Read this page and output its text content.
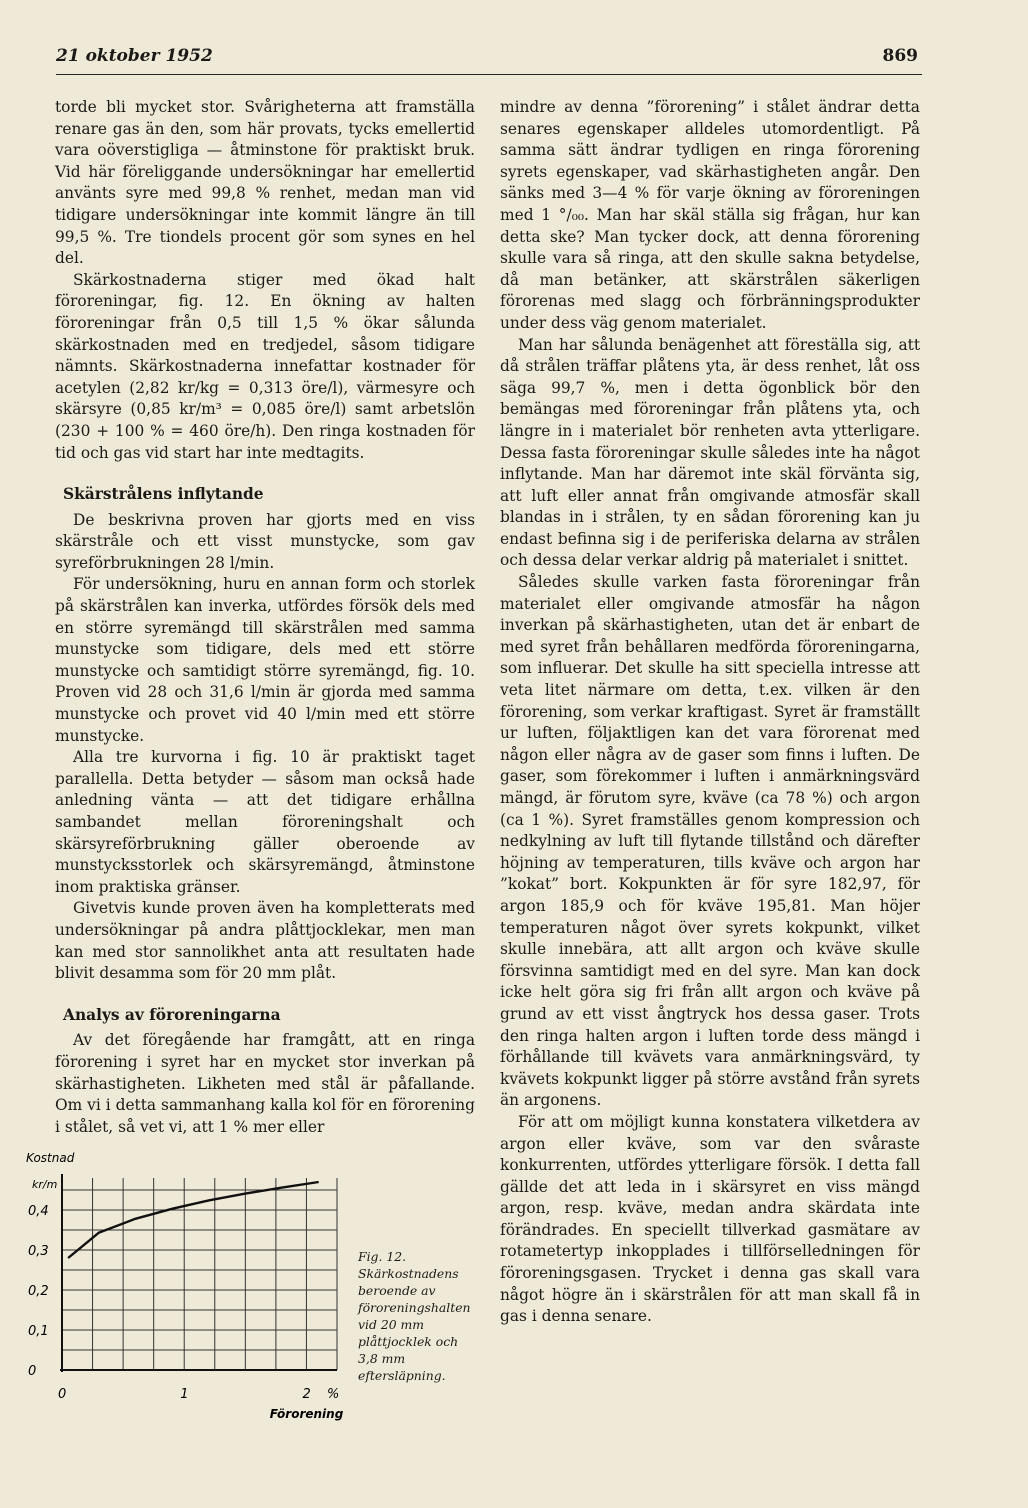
21 oktober 1952	869

torde bli mycket stor. Svårigheterna att framställa renare gas än den, som här provats, tycks emellertid vara oöverstigliga — åtminstone för praktiskt bruk. Vid här föreliggande undersökningar har emellertid använts syre med 99,8 % renhet, medan man vid tidigare undersökningar inte kommit längre än till 99,5 %. Tre tiondels procent gör som synes en hel del.

Skärkostnaderna stiger med ökad halt föroreningar, fig. 12. En ökning av halten föroreningar från 0,5 till 1,5 % ökar sålunda skärkostnaden med en tredjedel, såsom tidigare nämnts. Skärkostnaderna innefattar kostnader för acetylen (2,82 kr/kg = 0,313 öre/l), värmesyre och skärsyre (0,85 kr/m³ = 0,085 öre/l) samt arbetslön (230 + 100 % = 460 öre/h). Den ringa kostnaden för tid och gas vid start har inte medtagits.

Skärstrålens inflytande

De beskrivna proven har gjorts med en viss skärstråle och ett visst munstycke, som gav syreförbrukningen 28 l/min.

För undersökning, huru en annan form och storlek på skärstrålen kan inverka, utfördes försök dels med en större syremängd till skärstrålen med samma munstycke som tidigare, dels med ett större munstycke och samtidigt större syremängd, fig. 10. Proven vid 28 och 31,6 l/min är gjorda med samma munstycke och provet vid 40 l/min med ett större munstycke.

Alla tre kurvorna i fig. 10 är praktiskt taget parallella. Detta betyder — såsom man också hade anledning vänta — att det tidigare erhållna sambandet mellan föroreningshalt och skärsyreförbrukning gäller oberoende av munstycksstorlek och skärsyremängd, åtminstone inom praktiska gränser.

Givetvis kunde proven även ha kompletterats med undersökningar på andra plåttjocklekar, men man kan med stor sannolikhet anta att resultaten hade blivit desamma som för 20 mm plåt.

Analys av föroreningarna

Av det föregående har framgått, att en ringa förorening i syret har en mycket stor inverkan på skärhastigheten. Likheten med stål är påfallande. Om vi i detta sammanhang kalla kol för en förorening i stålet, så vet vi, att 1 % mer eller

mindre av denna ”förorening” i stålet ändrar detta senares egenskaper alldeles utomordentligt. På samma sätt ändrar tydligen en ringa förorening syrets egenskaper, vad skärhastigheten angår. Den sänks med 3—4 % för varje ökning av föroreningen med 1 °/₀₀. Man har skäl ställa sig frågan, hur kan detta ske? Man tycker dock, att denna förorening skulle vara så ringa, att den skulle sakna betydelse, då man betänker, att skärstrålen säkerligen förorenas med slagg och förbränningsprodukter under dess väg genom materialet.

Man har sålunda benägenhet att föreställa sig, att då strålen träffar plåtens yta, är dess renhet, låt oss säga 99,7 %, men i detta ögonblick bör den bemängas med föroreningar från plåtens yta, och längre in i materialet bör renheten avta ytterligare. Dessa fasta föroreningar skulle således inte ha något inflytande. Man har däremot inte skäl förvänta sig, att luft eller annat från omgivande atmosfär skall blandas in i strålen, ty en sådan förorening kan ju endast befinna sig i de periferiska delarna av strålen och dessa delar verkar aldrig på materialet i snittet.

Således skulle varken fasta föroreningar från materialet eller omgivande atmosfär ha någon inverkan på skärhastigheten, utan det är enbart de med syret från behållaren medförda föroreningarna, som influerar. Det skulle ha sitt speciella intresse att veta litet närmare om detta, t.ex. vilken är den förorening, som verkar kraftigast. Syret är framställt ur luften, följaktligen kan det vara förorenat med någon eller några av de gaser som finns i luften. De gaser, som förekommer i luften i anmärkningsvärd mängd, är förutom syre, kväve (ca 78 %) och argon (ca 1 %). Syret framställes genom kompression och nedkylning av luft till flytande tillstånd och därefter höjning av temperaturen, tills kväve och argon har ”kokat” bort. Kokpunkten är för syre 182,97, för argon 185,9 och för kväve 195,81. Man höjer temperaturen något över syrets kokpunkt, vilket skulle innebära, att allt argon och kväve skulle försvinna samtidigt med en del syre. Man kan dock icke helt göra sig fri från allt argon och kväve på grund av ett visst ångtryck hos dessa gaser. Trots den ringa halten argon i luften torde dess mängd i förhållande till kvävets vara anmärkningsvärd, ty kvävets kokpunkt ligger på större avstånd från syrets än argonens.

För att om möjligt kunna konstatera vilketdera av argon eller kväve, som var den svåraste konkurrenten, utfördes ytterligare försök. I detta fall gällde det att leda in i skärsyret en viss mängd argon, resp. kväve, medan andra skärdata inte förändrades. En speciellt tillverkad gasmätare av rotametertyp inkopplades i tillförselledningen för föroreningsgasen. Trycket i denna gas skall vara något högre än i skärstrålen för att man skall få in gas i denna senare.

0
0,1
0,2
0,3
0,4
0	1	2
Kostnad
kr/m
%
Förorening
Fig. 12. Skärkostnadens beroende av föroreningshalten vid 20 mm plåttjocklek och 3,8 mm eftersläpning.
